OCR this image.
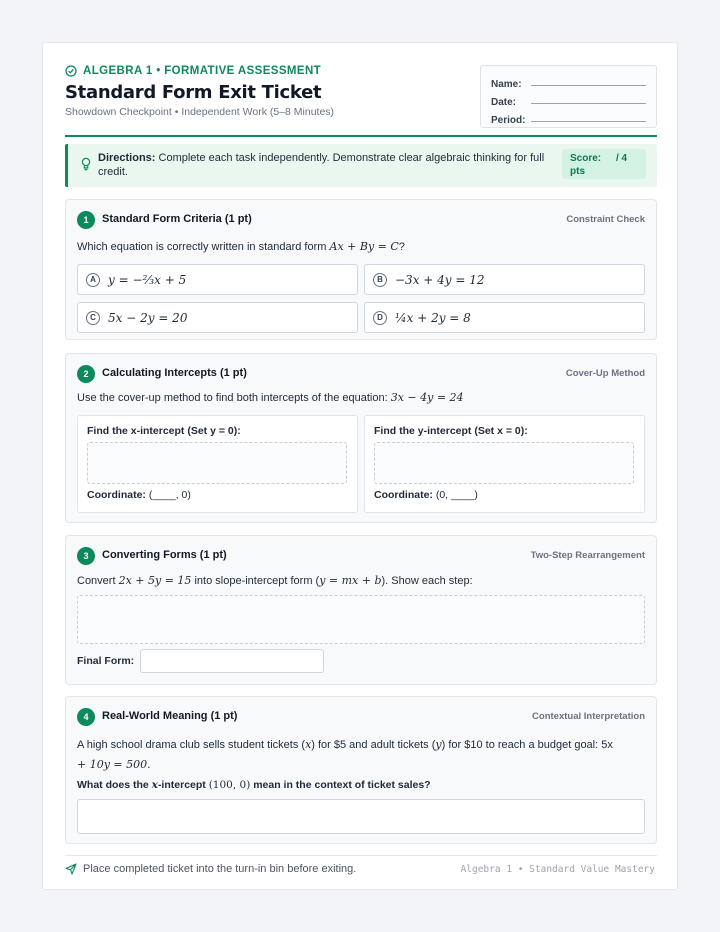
ALGEBRA 1 • FORMATIVE ASSESSMENT
Standard Form Exit Ticket
Showdown Checkpoint • Independent Work (5–8 Minutes)
Name:
Date:
Period:
Directions: Complete each task independently. Demonstrate clear algebraic thinking for full credit.
Score: / 4
pts
1	Standard Form Criteria (1 pt)	Constraint Check
Which equation is correctly written in standard form Ax + By = C?
A	y = −⅔x + 5	B	−3x + 4y = 12
C	5x − 2y = 20	D	¼x + 2y = 8
2	Calculating Intercepts (1 pt)	Cover-Up Method
Use the cover-up method to find both intercepts of the equation: 3x − 4y = 24
Find the x-intercept (Set y = 0):
Coordinate: (____, 0)
Find the y-intercept (Set x = 0):
Coordinate: (0, ____)
3	Converting Forms (1 pt)	Two-Step Rearrangement
Convert 2x + 5y = 15 into slope-intercept form (y = mx + b). Show each step:
Final Form:
4	Real-World Meaning (1 pt)	Contextual Interpretation
A high school drama club sells student tickets (x) for $5 and adult tickets (y) for $10 to reach a budget goal: 5x
+ 10y = 500.
What does the x-intercept (100, 0) mean in the context of ticket sales?
Place completed ticket into the turn-in bin before exiting.	Algebra 1 • Standard Value Mastery
